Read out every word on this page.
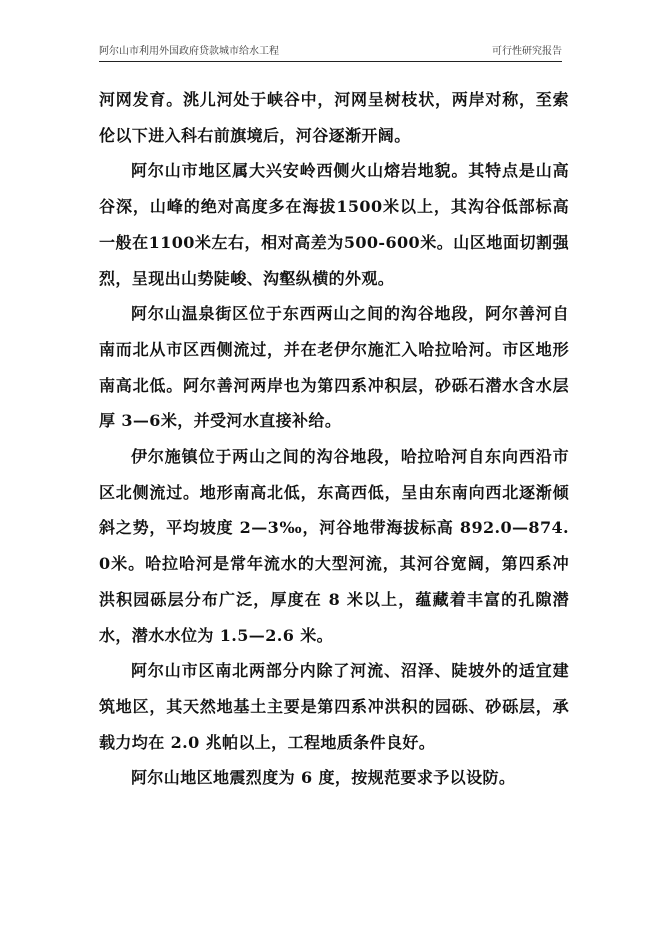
阿尔山市利用外国政府贷款城市给水工程	可行性研究报告

河网发育。洮儿河处于峡谷中，河网呈树枝状，两岸对称，至索伦以下进入科右前旗境后，河谷逐渐开阔。

阿尔山市地区属大兴安岭西侧火山熔岩地貌。其特点是山高谷深，山峰的绝对高度多在海拔1500米以上，其沟谷低部标高一般在1100米左右，相对高差为500-600米。山区地面切割强烈，呈现出山势陡峻、沟壑纵横的外观。

阿尔山温泉街区位于东西两山之间的沟谷地段，阿尔善河自南而北从市区西侧流过，并在老伊尔施汇入哈拉哈河。市区地形南高北低。阿尔善河两岸也为第四系冲积层，砂砾石潜水含水层厚 3—6米，并受河水直接补给。

伊尔施镇位于两山之间的沟谷地段，哈拉哈河自东向西沿市区北侧流过。地形南高北低，东高西低，呈由东南向西北逐渐倾斜之势，平均坡度 2—3‰，河谷地带海拔标高 892.0—874.0米。哈拉哈河是常年流水的大型河流，其河谷宽阔，第四系冲洪积园砾层分布广泛，厚度在 8 米以上，蕴藏着丰富的孔隙潜水，潜水水位为 1.5—2.6 米。

阿尔山市区南北两部分内除了河流、沼泽、陡坡外的适宜建筑地区，其天然地基土主要是第四系冲洪积的园砾、砂砾层，承载力均在 2.0 兆帕以上，工程地质条件良好。

阿尔山地区地震烈度为 6 度，按规范要求予以设防。
